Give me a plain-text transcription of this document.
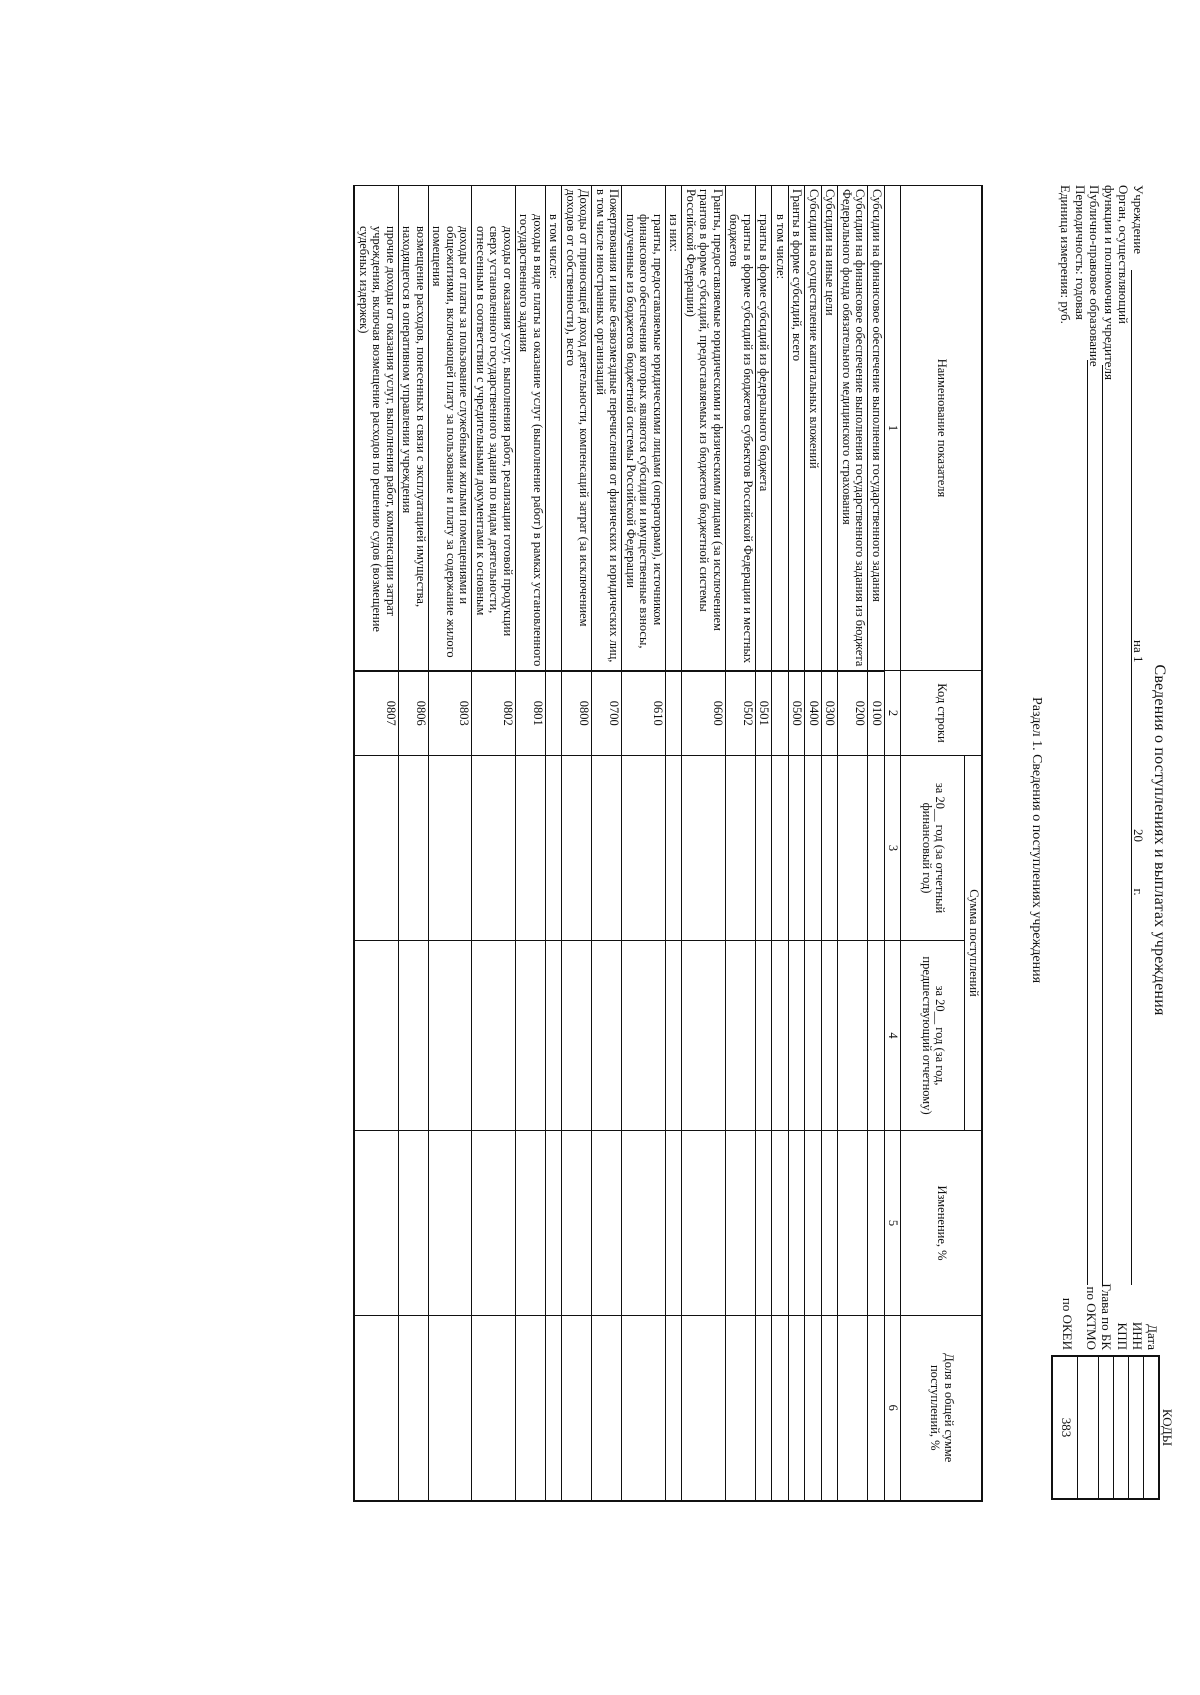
Сведения о поступлениях и выплатах учреждения
на 1   20   г.
Учреждение
Орган, осуществляющий
функции и полномочия учредителя
Публично-правовое образование
Периодичность: годовая
Единица измерения: руб.
КОДЫ
383
Дата
ИНН
КПП
Глава по БК
по ОКТМО
по ОКЕИ
Раздел 1. Сведения о поступлениях учреждения
Наименование показателя	Код строки	Сумма поступлений		Изменение, %	Доля в общей сумме поступлений, %
		за 20__ год (за отчетный финансовый год)	за 20__ год (за год, предшествующий отчетному)		
1	2	3	4	5	6
Субсидии на финансовое обеспечение выполнения государственного задания	0100				
Субсидии на финансовое обеспечение выполнения государственного задания из бюджета Федерального фонда обязательного медицинского страхования	0200				
Субсидии на иные цели	0300				
Субсидии на осуществление капитальных вложений	0400				
Гранты в форме субсидий, всего	0500				
в том числе:					
гранты в форме субсидий из федерального бюджета	0501				
гранты в форме субсидий из бюджетов субъектов Российской Федерации и местных бюджетов	0502				
Гранты, предоставляемые юридическими и физическими лицами (за исключением грантов в форме субсидий, предоставляемых из бюджетов бюджетной системы Российской Федерации)	0600				
из них:					
гранты, предоставляемые юридическими лицами (операторами), источником финансового обеспечения которых являются субсидии и имущественные взносы, полученные из бюджетов бюджетной системы Российской Федерации	0610				
Пожертвования и иные безвозмездные перечисления от физических и юридических лиц, в том числе иностранных организаций	0700				
Доходы от приносящей доход деятельности, компенсаций затрат (за исключением доходов от собственности), всего	0800				
в том числе:					
доходы в виде платы за оказание услуг (выполнение работ) в рамках установленного государственного задания	0801				
доходы от оказания услуг, выполнения работ, реализации готовой продукции сверх установленного государственного задания по видам деятельности, отнесенным в соответствии с учредительными документами к основным	0802				
доходы от платы за пользование служебными жилыми помещениями и общежитиями, включающей плату за пользование и плату за содержание жилого помещения	0803				
возмещение расходов, понесенных в связи с эксплуатацией имущества, находящегося в оперативном управлении учреждения	0806				
прочие доходы от оказания услуг, выполнения работ, компенсации затрат учреждения, включая возмещение расходов по решению судов (возмещение судебных издержек)	0807				
